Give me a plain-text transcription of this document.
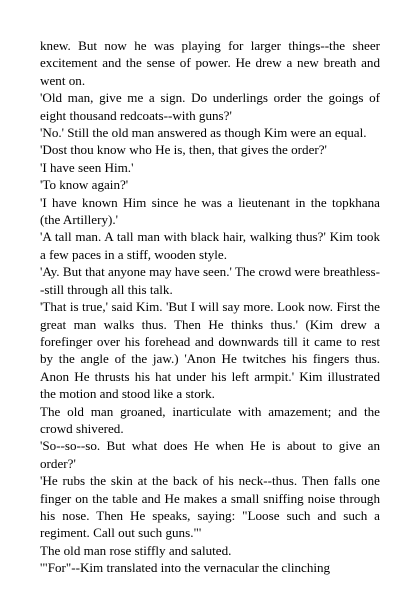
knew. But now he was playing for larger things--the sheer excitement and the sense of power. He drew a new breath and went on.

'Old man, give me a sign. Do underlings order the goings of eight thousand redcoats--with guns?'

'No.' Still the old man answered as though Kim were an equal.

'Dost thou know who He is, then, that gives the order?'

'I have seen Him.'

'To know again?'

'I have known Him since he was a lieutenant in the topkhana (the Artillery).'

'A tall man. A tall man with black hair, walking thus?' Kim took a few paces in a stiff, wooden style.

'Ay. But that anyone may have seen.' The crowd were breathless--still through all this talk.

'That is true,' said Kim. 'But I will say more. Look now. First the great man walks thus. Then He thinks thus.' (Kim drew a forefinger over his forehead and downwards till it came to rest by the angle of the jaw.) 'Anon He twitches his fingers thus. Anon He thrusts his hat under his left armpit.' Kim illustrated the motion and stood like a stork.

The old man groaned, inarticulate with amazement; and the crowd shivered.

'So--so--so. But what does He when He is about to give an order?'

'He rubs the skin at the back of his neck--thus. Then falls one finger on the table and He makes a small sniffing noise through his nose. Then He speaks, saying: "Loose such and such a regiment. Call out such guns."'

The old man rose stiffly and saluted.

'"For"--Kim translated into the vernacular the clinching
